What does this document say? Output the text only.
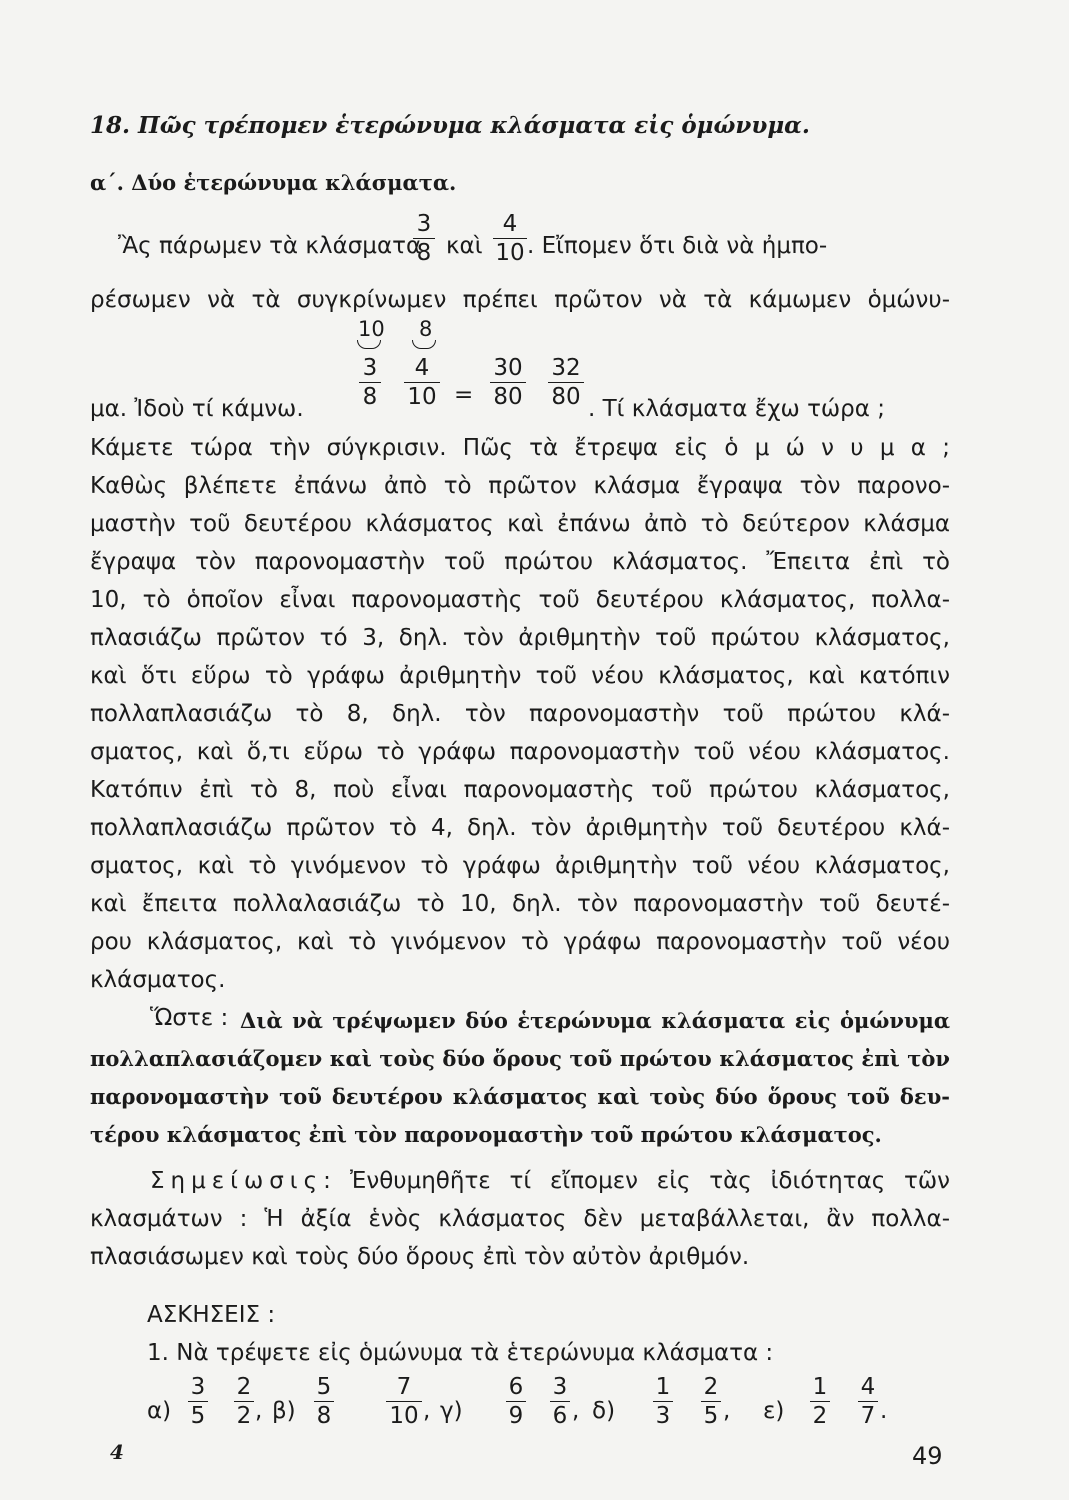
18. Πῶς τρέπομεν ἑτερώνυμα κλάσματα εἰς ὁμώνυμα.
α΄. Δύο ἑτερώνυμα κλάσματα.
Ἂς πάρωμεν τὰ κλάσματα
3
8 καὶ
4
10 . Εἴπομεν ὅτι διὰ νὰ ἠμπο-
ρέσωμεν νὰ τὰ συγκρίνωμεν πρέπει πρῶτον νὰ τὰ κάμωμεν ὁμώνυ-
10 8
μα. Ἰδοὺ τί κάμνω.
3
8
4
10 =
30
80
32
80 . Τί κλάσματα ἔχω τώρα ;
Κάμετε τώρα τὴν σύγκρισιν. Πῶς τὰ ἔτρεψα εἰς ὁ μ ώ ν υ μ α ;
Καθὼς βλέπετε ἐπάνω ἀπὸ τὸ πρῶτον κλάσμα ἔγραψα τὸν παρονο-
μαστὴν τοῦ δευτέρου κλάσματος καὶ ἐπάνω ἀπὸ τὸ δεύτερον κλάσμα
ἔγραψα τὸν παρονομαστὴν τοῦ πρώτου κλάσματος. Ἔπειτα ἐπὶ τὸ
10, τὸ ὁποῖον εἶναι παρονομαστὴς τοῦ δευτέρου κλάσματος, πολλα-
πλασιάζω πρῶτον τό 3, δηλ. τὸν ἀριθμητὴν τοῦ πρώτου κλάσματος,
καὶ ὅτι εὕρω τὸ γράφω ἀριθμητὴν τοῦ νέου κλάσματος, καὶ κατόπιν
πολλαπλασιάζω τὸ 8, δηλ. τὸν παρονομαστὴν τοῦ πρώτου κλά-
σματος, καὶ ὅ,τι εὕρω τὸ γράφω παρονομαστὴν τοῦ νέου κλάσματος.
Κατόπιν ἐπὶ τὸ 8, ποὺ εἶναι παρονομαστὴς τοῦ πρώτου κλάσματος,
πολλαπλασιάζω πρῶτον τὸ 4, δηλ. τὸν ἀριθμητὴν τοῦ δευτέρου κλά-
σματος, καὶ τὸ γινόμενον τὸ γράφω ἀριθμητὴν τοῦ νέου κλάσματος,
καὶ ἔπειτα πολλαλασιάζω τὸ 10, δηλ. τὸν παρονομαστὴν τοῦ δευτέ-
ρου κλάσματος, καὶ τὸ γινόμενον τὸ γράφω παρονομαστὴν τοῦ νέου
κλάσματος.
Ὥστε : Διὰ νὰ τρέψωμεν δύο ἑτερώνυμα κλάσματα εἰς ὁμώνυμα
πολλαπλασιάζομεν καὶ τοὺς δύο ὅρους τοῦ πρώτου κλάσματος ἐπὶ τὸν
παρονομαστὴν τοῦ δευτέρου κλάσματος καὶ τοὺς δύο ὅρους τοῦ δευ-
τέρου κλάσματος ἐπὶ τὸν παρονομαστὴν τοῦ πρώτου κλάσματος.
Σημείωσις: Ἐνθυμηθῆτε τί εἴπομεν εἰς τὰς ἰδιότητας τῶν
κλασμάτων : Ἡ ἀξία ἑνὸς κλάσματος δὲν μεταβάλλεται, ἂν πολλα-
πλασιάσωμεν καὶ τοὺς δύο ὅρους ἐπὶ τὸν αὐτὸν ἀριθμόν.
ΑΣΚΗΣΕΙΣ :
1. Νὰ τρέψετε εἰς ὁμώνυμα τὰ ἑτερώνυμα κλάσματα :
α)
3
5
2
2 , β)
5
8
7
10 , γ)
6
9
3
6 , δ)
1
3
2
5 , ε)
1
2
4
7 .
4	49
